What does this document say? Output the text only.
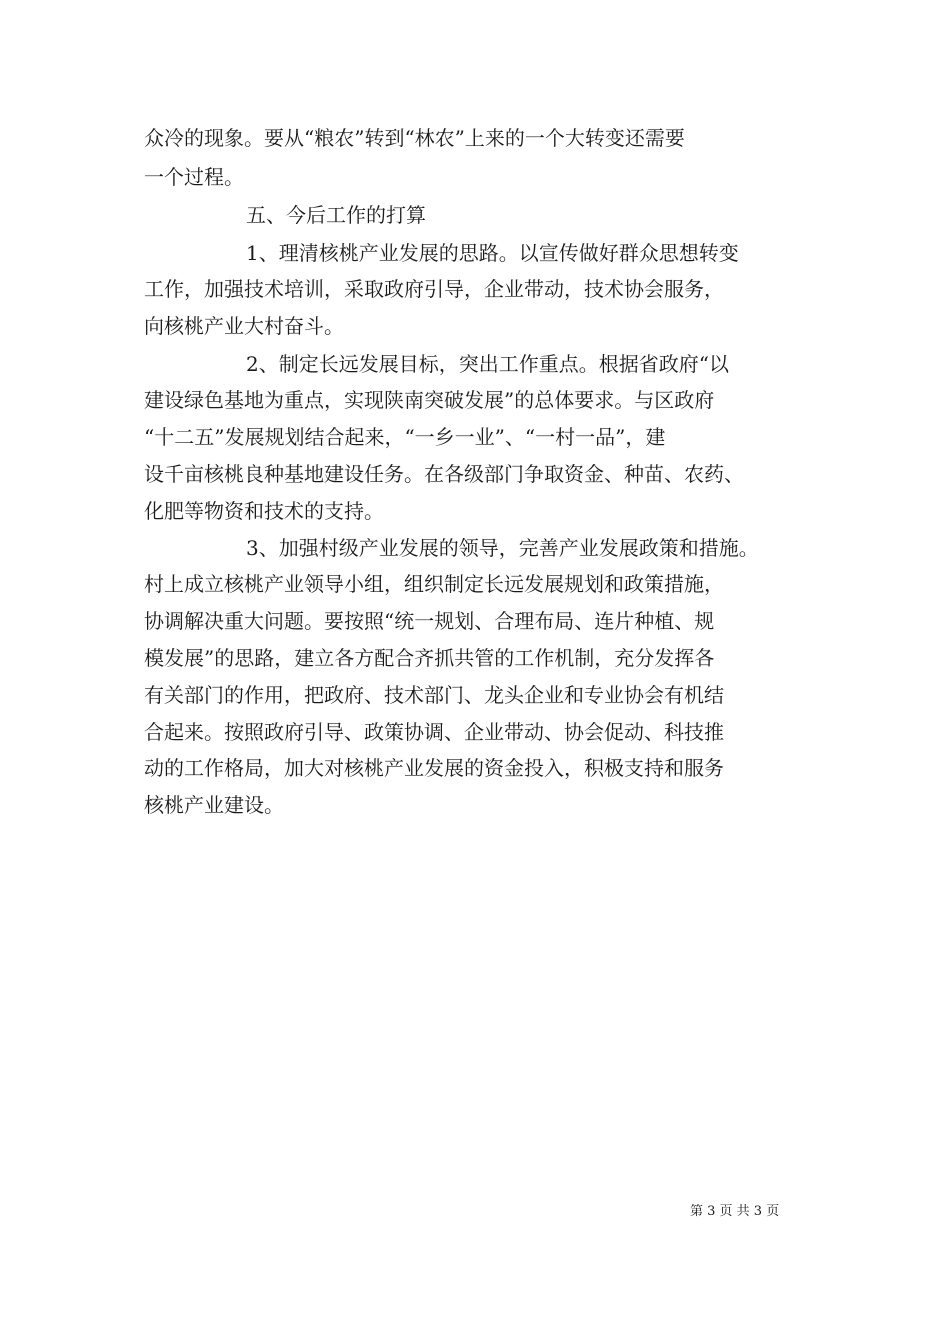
众冷的现象。要从“粮农”转到“林农”上来的一个大转变还需要
一个过程。
五、今后工作的打算
1、理清核桃产业发展的思路。以宣传做好群众思想转变
工作，加强技术培训，采取政府引导，企业带动，技术协会服务，
向核桃产业大村奋斗。
2、制定长远发展目标，突出工作重点。根据省政府“以
建设绿色基地为重点，实现陕南突破发展”的总体要求。与区政府
“十二五”发展规划结合起来，“一乡一业”、“一村一品”，建
设千亩核桃良种基地建设任务。在各级部门争取资金、种苗、农药、
化肥等物资和技术的支持。
3、加强村级产业发展的领导，完善产业发展政策和措施。
村上成立核桃产业领导小组，组织制定长远发展规划和政策措施，
协调解决重大问题。要按照“统一规划、合理布局、连片种植、规
模发展”的思路，建立各方配合齐抓共管的工作机制，充分发挥各
有关部门的作用，把政府、技术部门、龙头企业和专业协会有机结
合起来。按照政府引导、政策协调、企业带动、协会促动、科技推
动的工作格局，加大对核桃产业发展的资金投入，积极支持和服务
核桃产业建设。
第 3 页 共 3 页
